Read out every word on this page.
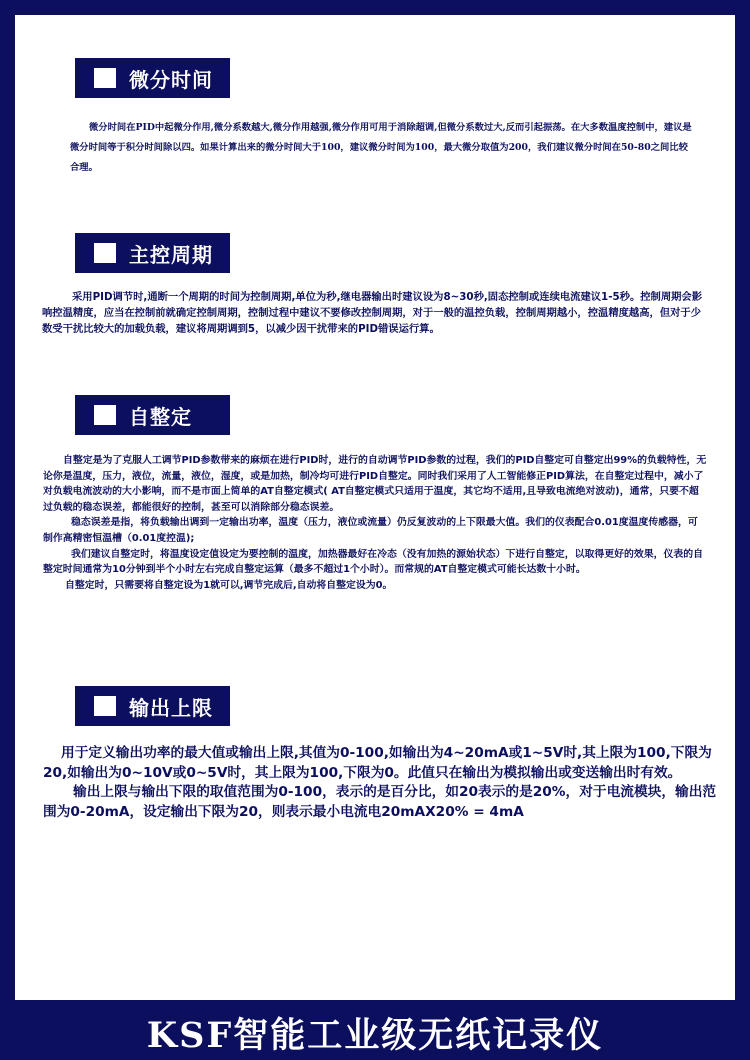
微分时间

微分时间在PID中起微分作用,微分系数越大,微分作用越强,微分作用可用于消除超调,但微分系数过大,反而引起振荡。在大多数温度控制中，建议是微分时间等于积分时间除以四。如果计算出来的微分时间大于100，建议微分时间为100，最大微分取值为200，我们建议微分时间在50-80之间比较合理。

主控周期

采用PID调节时,通断一个周期的时间为控制周期,单位为秒,继电器输出时建议设为8~30秒,固态控制或连续电流建议1-5秒。控制周期会影响控温精度，应当在控制前就确定控制周期，控制过程中建议不要修改控制周期，对于一般的温控负载，控制周期越小，控温精度越高，但对于少数受干扰比较大的加载负载，建议将周期调到5，以减少因干扰带来的PID错误运行算。

自整定

自整定是为了克服人工调节PID参数带来的麻烦在进行PID时，进行的自动调节PID参数的过程，我们的PID自整定可自整定出99%的负载特性，无论你是温度，压力，液位，流量，液位，湿度，或是加热，制冷均可进行PID自整定。同时我们采用了人工智能修正PID算法，在自整定过程中，减小了对负载电流波动的大小影响，而不是市面上简单的AT自整定模式( AT自整定模式只适用于温度，其它均不适用,且导致电流绝对波动)，通常，只要不超过负载的稳态误差，都能很好的控制，甚至可以消除部分稳态误差。

稳态误差是指，将负载输出调到一定输出功率，温度（压力，液位或流量）仍反复波动的上下限最大值。我们的仪表配合0.01度温度传感器，可制作高精密恒温槽（0.01度控温);

我们建议自整定时，将温度设定值设定为要控制的温度，加热器最好在冷态（没有加热的源始状态）下进行自整定，以取得更好的效果，仪表的自整定时间通常为10分钟到半个小时左右完成自整定运算（最多不超过1个小时）。而常规的AT自整定模式可能长达数十小时。

自整定时，只需要将自整定设为1就可以,调节完成后,自动将自整定设为0。

输出上限

用于定义输出功率的最大值或输出上限,其值为0-100,如输出为4~20mA或1~5V时,其上限为100,下限为20,如输出为0~10V或0~5V时，其上限为100,下限为0。此值只在输出为模拟输出或变送输出时有效。

输出上限与输出下限的取值范围为0-100，表示的是百分比，如20表示的是20%，对于电流模块，输出范围为0-20mA，设定输出下限为20，则表示最小电流电20mAX20% = 4mA

KSF智能工业级无纸记录仪
